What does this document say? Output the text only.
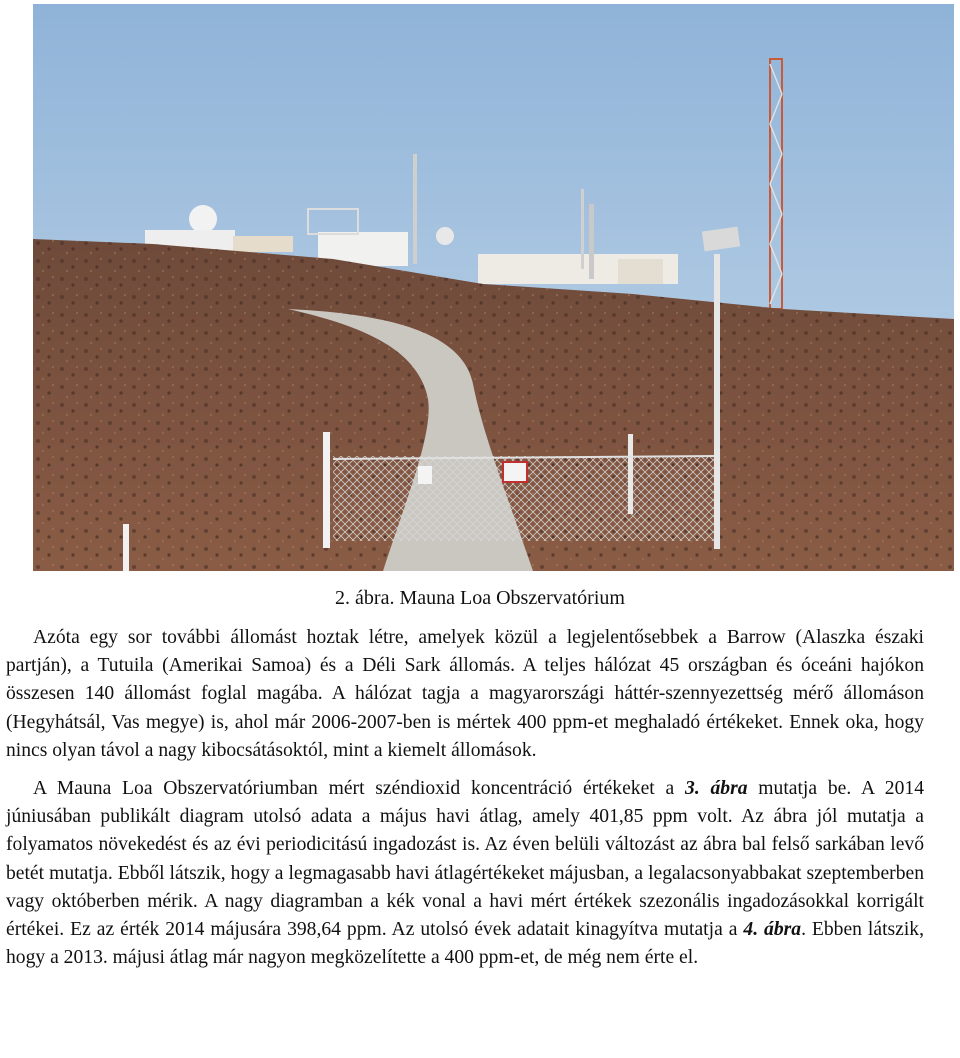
2. ábra. Mauna Loa Obszervatórium

Azóta egy sor további állomást hoztak létre, amelyek közül a legjelentősebbek a Barrow (Alaszka északi partján), a Tutuila (Amerikai Samoa) és a Déli Sark állomás. A teljes hálózat 45 országban és óceáni hajókon összesen 140 állomást foglal magába. A hálózat tagja a magyarországi háttér-szennyezettség mérő állomáson (Hegyhátsál, Vas megye) is, ahol már 2006-2007-ben is mértek 400 ppm-et meghaladó értékeket. Ennek oka, hogy nincs olyan távol a nagy kibocsátásoktól, mint a kiemelt állomások.

A Mauna Loa Obszervatóriumban mért széndioxid koncentráció értékeket a 3. ábra mutatja be. A 2014 júniusában publikált diagram utolsó adata a május havi átlag, amely 401,85 ppm volt. Az ábra jól mutatja a folyamatos növekedést és az évi periodicitású ingadozást is. Az éven belüli változást az ábra bal felső sarkában levő betét mutatja. Ebből látszik, hogy a legmagasabb havi átlagértékeket májusban, a legalacsonyabbakat szeptemberben vagy októberben mérik. A nagy diagramban a kék vonal a havi mért értékek szezonális ingadozásokkal korrigált értékei. Ez az érték 2014 májusára 398,64 ppm. Az utolsó évek adatait kinagyítva mutatja a 4. ábra. Ebben látszik, hogy a 2013. májusi átlag már nagyon megközelítette a 400 ppm-et, de még nem érte el.
